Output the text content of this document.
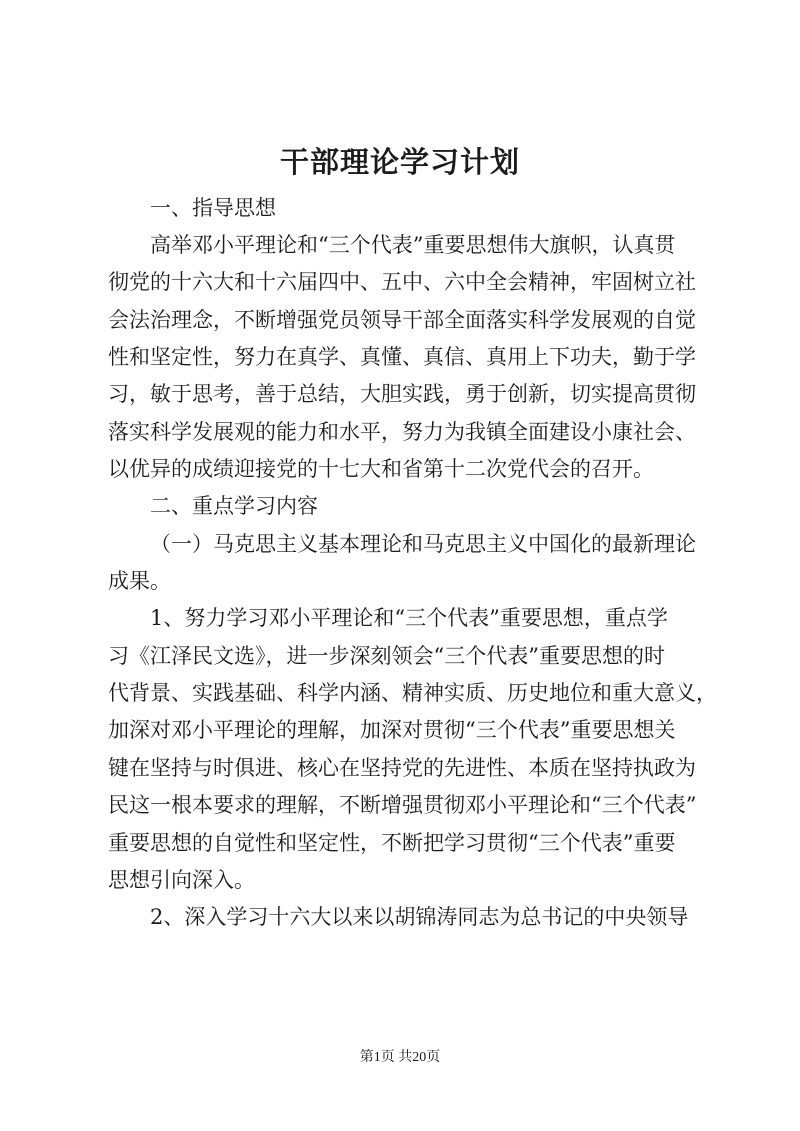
干部理论学习计划
一、指导思想
高举邓小平理论和“三个代表”重要思想伟大旗帜，认真贯
彻党的十六大和十六届四中、五中、六中全会精神，牢固树立社
会法治理念，不断增强党员领导干部全面落实科学发展观的自觉
性和坚定性，努力在真学、真懂、真信、真用上下功夫，勤于学
习，敏于思考，善于总结，大胆实践，勇于创新，切实提高贯彻
落实科学发展观的能力和水平，努力为我镇全面建设小康社会、
以优异的成绩迎接党的十七大和省第十二次党代会的召开。
二、重点学习内容
（一）马克思主义基本理论和马克思主义中国化的最新理论
成果。
1、努力学习邓小平理论和“三个代表”重要思想，重点学
习《江泽民文选》，进一步深刻领会“三个代表”重要思想的时
代背景、实践基础、科学内涵、精神实质、历史地位和重大意义，
加深对邓小平理论的理解，加深对贯彻“三个代表”重要思想关
键在坚持与时俱进、核心在坚持党的先进性、本质在坚持执政为
民这一根本要求的理解，不断增强贯彻邓小平理论和“三个代表”
重要思想的自觉性和坚定性，不断把学习贯彻“三个代表”重要
思想引向深入。
2、深入学习十六大以来以胡锦涛同志为总书记的中央领导
第1页 共20页
